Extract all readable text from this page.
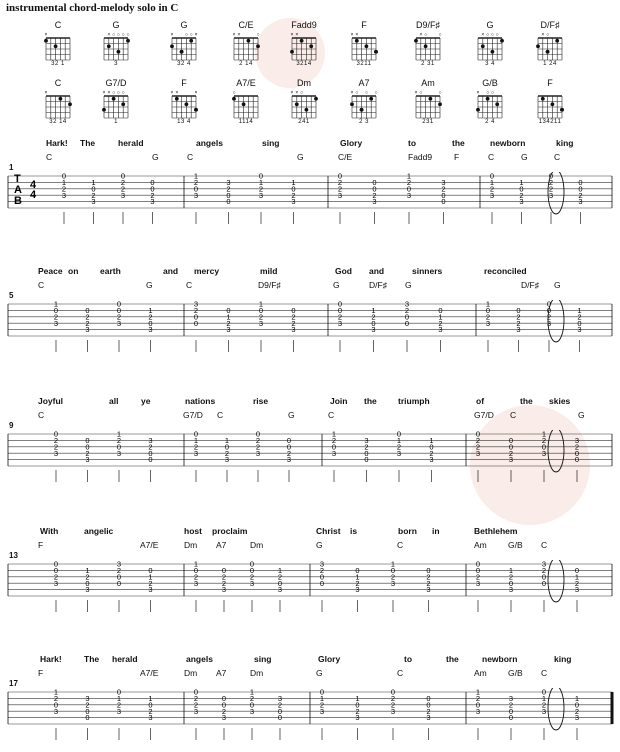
instrumental chord-melody solo in C
C
×
32 1
G
× ○ ○ ○ ○
3
G
× ○ ○ ×
32 4
C/E
× ×	○
2 14
Fadd9
× ×
3214
F
× ×
3211
D9/F♯
× ○ ○
2 31
G
× ○ ○ ○
3 4
D/F♯
× ○
1 24
C
×
32 14
G7/D
× × ○ ○ ○
1
F
× ×	×
13 4
A7/E
○
1114
Dm
× × ○
241
A7
× ○ ○ ○
2 3
Am
× ○	○
231
G/B
× ○ ○
2 4
F
134211
Hark! The	herald	angels	sing	Glory	to	the	newborn	king
C	G	C	G	C/E	Fadd9	F	C	G	C
1
T
A
B
4
4
0
1
2
3
1
0
2
3
0
2
2
3
0
0
2
3
1
2
0
3
3
2
0
0
0
1
2
3
1
0
2
3
0
2
2
3
0
0
2
3
1
2
0
3
3
2
0
0
0
1
2
3
1
0
2
3
0
2
2
3
0
0
2
3
Peace on	earth	and mercy	mild	God and	sinners	reconciled
C	G	C	D9/F♯	G	D/F♯ G	D/F♯ G
5
1
0
2
3
0
2
2
3
0
0
2
3
1
2
0
3
3
2
0
0
0
1
2
3
1
0
2
3
0
2
2
3
0
0
2
3
1
2
0
3
3
2
0
0
0
1
2
3
1
0
2
3
0
2
2
3
0
0
2
3
1
2
0
3
Joyful	all	ye	nations	rise	Join the	triumph	of	the skies
C	G7/D C	G	C	G7/D C	G
9
0
2
2
3
0
0
2
3
1
2
0
3
3
2
0
0
0
1
2
3
1
0
2
3
0
2
2
3
0
0
2
3
1
2
0
3
3
2
0
0
0
1
2
3
1
0
2
3
0
2
2
3
0
0
2
3
1
2
0
3
3
2
0
0
With	angelic	host proclaim	Christ is	born in	Bethlehem
F	A7/E	Dm A7	Dm	G	C	Am	G/B C
13
0
0
2
3
1
2
0
3
3
2
0
0
0
1
2
3
1
0
2
3
0
2
2
3
0
0
2
3
1
2
0
3
3
2
0
0
0
1
2
3
1
0
2
3
0
2
2
3
0
0
2
3
1
2
0
3
3
2
0
0
0
1
2
3
Hark!	The herald	angels	sing	Glory	to	the	newborn	king
F	A7/E	Dm A7	Dm	G	C	Am	G/B C
17
1
2
0
3
3
2
0
0
0
1
2
3
1
0
2
3
0
2
2
3
0
0
2
3
1
2
0
3
3
2
0
0
0
1
2
3
1
0
2
3
0
2
2
3
0
0
2
3
1
2
0
3
3
2
0
0
0
1
2
3
1
0
2
3
